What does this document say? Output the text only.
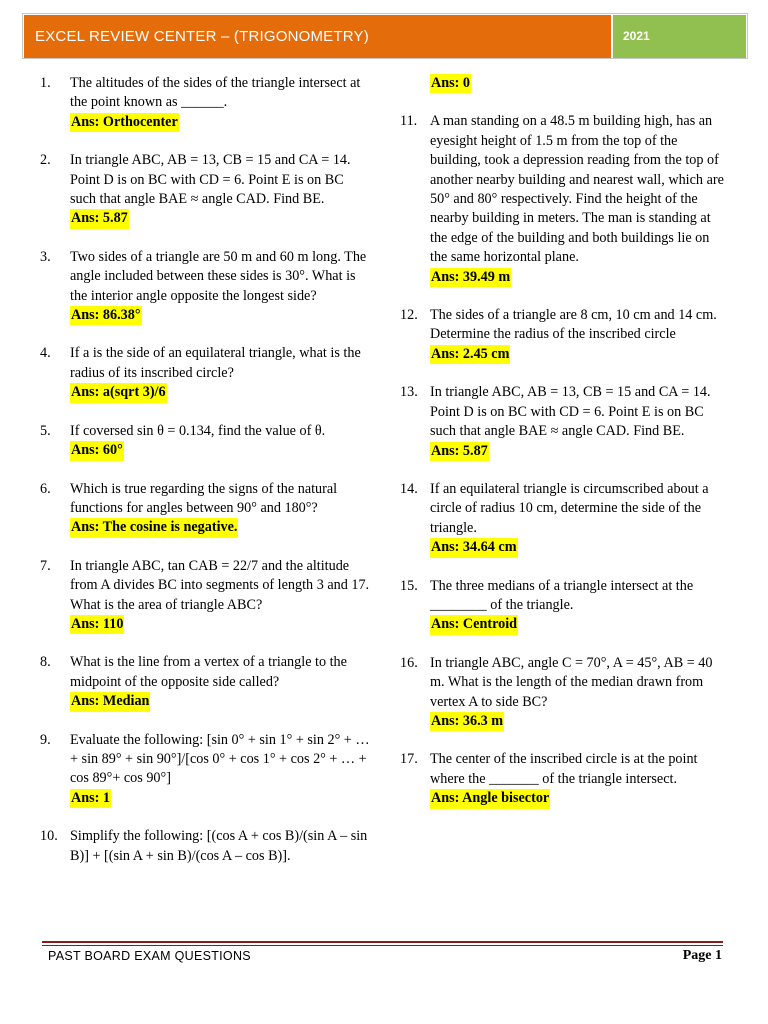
EXCEL REVIEW CENTER – (TRIGONOMETRY)	2021
1.	The altitudes of the sides of the triangle intersect at the point known as ______.
Ans: Orthocenter
2.	In triangle ABC, AB = 13, CB = 15 and CA = 14. Point D is on BC with CD = 6. Point E is on BC such that angle BAE ≈ angle CAD. Find BE.
Ans: 5.87
3.	Two sides of a triangle are 50 m and 60 m long. The angle included between these sides is 30°. What is the interior angle opposite the longest side?
Ans: 86.38°
4.	If a is the side of an equilateral triangle, what is the radius of its inscribed circle?
Ans: a(sqrt 3)/6
5.	If coversed sin θ = 0.134, find the value of θ.
Ans: 60°
6.	Which is true regarding the signs of the natural functions for angles between 90° and 180°?
Ans: The cosine is negative.
7.	In triangle ABC, tan CAB = 22/7 and the altitude from A divides BC into segments of length 3 and 17. What is the area of triangle ABC?
Ans: 110
8.	What is the line from a vertex of a triangle to the midpoint of the opposite side called?
Ans: Median
9.	Evaluate the following: [sin 0° + sin 1° + sin 2° + …+ sin 89° + sin 90°]/[cos 0° + cos 1° + cos 2° + … + cos 89°+ cos 90°]
Ans: 1
10. Simplify the following: [(cos A + cos B)/(sin A – sin B)] + [(sin A + sin B)/(cos A – cos B)].
Ans: 0
11. A man standing on a 48.5 m building high, has an eyesight height of 1.5 m from the top of the building, took a depression reading from the top of another nearby building and nearest wall, which are 50° and 80° respectively. Find the height of the nearby building in meters. The man is standing at the edge of the building and both buildings lie on the same horizontal plane.
Ans: 39.49 m
12. The sides of a triangle are 8 cm, 10 cm and 14 cm. Determine the radius of the inscribed circle
Ans: 2.45 cm
13. In triangle ABC, AB = 13, CB = 15 and CA = 14. Point D is on BC with CD = 6. Point E is on BC such that angle BAE ≈ angle CAD. Find BE.
Ans: 5.87
14. If an equilateral triangle is circumscribed about a circle of radius 10 cm, determine the side of the triangle.
Ans: 34.64 cm
15. The three medians of a triangle intersect at the ________ of the triangle.
Ans: Centroid
16. In triangle ABC, angle C = 70°, A = 45°, AB = 40 m. What is the length of the median drawn from vertex A to side BC?
Ans: 36.3 m
17. The center of the inscribed circle is at the point where the _______ of the triangle intersect.
Ans: Angle bisector
PAST BOARD EXAM QUESTIONS	Page 1
